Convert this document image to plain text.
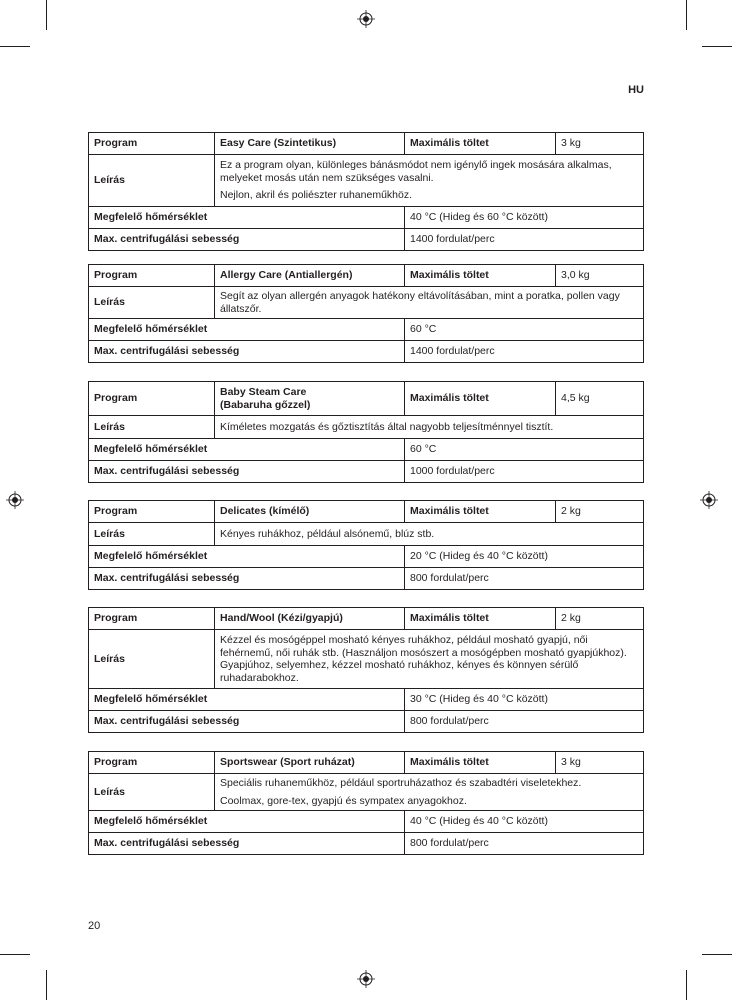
HU
Program	Easy Care (Szintetikus)	Maximális töltet	3 kg
Leírás	Ez a program olyan, különleges bánásmódot nem igénylő ingek mosására alkalmas, melyeket mosás után nem szükséges vasalni.

Nejlon, akril és poliészter ruhaneműkhöz.		

Megfelelő hőmérséklet		40 °C (Hideg és 60 °C között)	
Max. centrifugálási sebesség		1400 fordulat/perc	
Program	Allergy Care (Antiallergén)	Maximális töltet	3,0 kg
Leírás	Segít az olyan allergén anyagok hatékony eltávolításában, mint a poratka, pollen vagy állatszőr.		

Megfelelő hőmérséklet		60 °C	
Max. centrifugálási sebesség		1400 fordulat/perc	
Program	Baby Steam Care
(Babaruha gőzzel)	Maximális töltet	4,5 kg
Leírás	Kíméletes mozgatás és gőztisztítás által nagyobb teljesítménnyel tisztít.		

Megfelelő hőmérséklet		60 °C	
Max. centrifugálási sebesség		1000 fordulat/perc	
Program	Delicates (kímélő)	Maximális töltet	2 kg
Leírás	Kényes ruhákhoz, például alsónemű, blúz stb.		

Megfelelő hőmérséklet		20 °C (Hideg és 40 °C között)	
Max. centrifugálási sebesség		800 fordulat/perc	
Program	Hand/Wool (Kézi/gyapjú)	Maximális töltet	2 kg
Leírás	Kézzel és mosógéppel mosható kényes ruhákhoz, például mosható gyapjú, női fehérnemű, női ruhák stb. (Használjon mosószert a mosógépben mosható gyapjúkhoz). Gyapjúhoz, selyemhez, kézzel mosható ruhákhoz, kényes és könnyen sérülő ruhadarabokhoz.		

Megfelelő hőmérséklet		30 °C (Hideg és 40 °C között)	
Max. centrifugálási sebesség		800 fordulat/perc	
Program	Sportswear (Sport ruházat)	Maximális töltet	3 kg
Leírás	Speciális ruhaneműkhöz, például sportruházathoz és szabadtéri viseletekhez.

Coolmax, gore-tex, gyapjú és sympatex anyagokhoz.		

Megfelelő hőmérséklet		40 °C (Hideg és 40 °C között)	
Max. centrifugálási sebesség		800 fordulat/perc	
20
